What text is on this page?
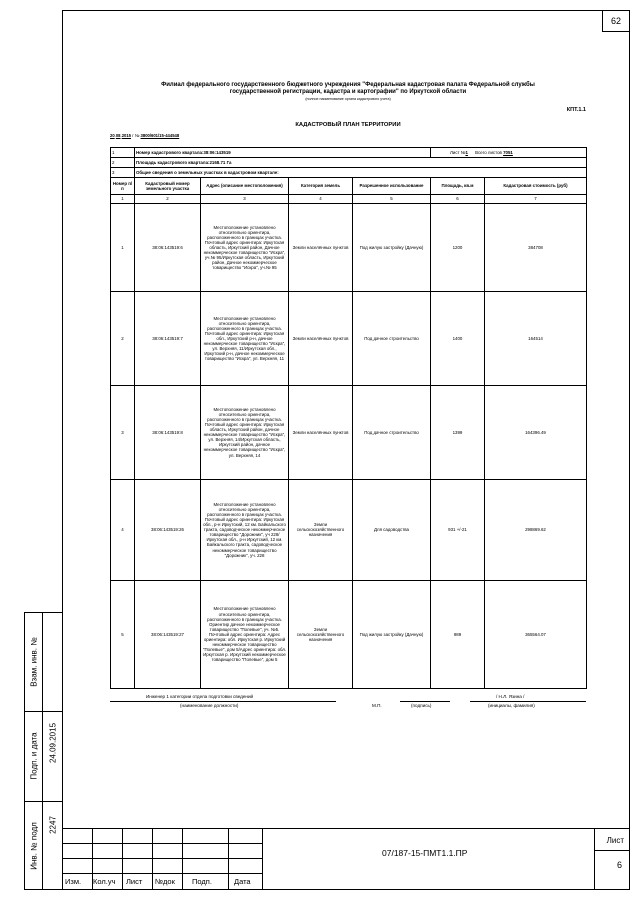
62
Взам. инв. №
Подп. и дата
Инв. № подл
24.09.2015
2247
Изм. Кол.уч Лист №док Подп.	Дата
07/187-15-ПМТ1.1.ПР
Лист
6
Филиал федерального государственного бюджетного учреждения "Федеральная кадастровая палата Федеральной службы
государственной регистрации, кадастра и картографии" по Иркутской области
(полное наименование органа кадастрового учета)
КПТ.1.1
КАДАСТРОВЫЙ ПЛАН ТЕРРИТОРИИ
20.08.2015 г № 3800/601/15-444548
1	Номер кадастрового квартала:38:06:143519				Лист №1 Всего листов 7051	
2	Площадь кадастрового квартала:2168.71 Га					
3	Общие сведения о земельных участках в кадастровом квартале:					
Номер п/п	Кадастровый номер земельного участка	Адрес (описание местоположения)	Категория земель	Разрешенное использование	Площадь, кв.м	Кадастровая стоимость (руб)
1	2	3	4	5	6	7
1	38:06:143519:6	Местоположение установлено относительно ориентира, расположенного в границах участка. Почтовый адрес ориентира: Иркутская область, Иркутский район, Дачное некоммерческое товарищество "Искра", уч.№ 95/Иркутская область, Иркутский район, Дачное некоммерческое товарищество "Искра", уч.№ 95	Земли населённых пунктов	Под жилую застройку (Дачную)	1200	384708
2	38:06:143519:7	Местоположение установлено относительно ориентира, расположенного в границах участка. Почтовый адрес ориентира: Иркутская обл., Иркутский р-н, дачное некоммерческое товарищество "Искра", ул. Верхняя, 11/Иркутская обл., Иркутский р-н, дачное некоммерческое товарищество "Искра", ул. Верхняя, 11	Земли населённых пунктов	Под дачное строительство	1400	164514
3	38:06:143519:8	Местоположение установлено относительно ориентира, расположенного в границах участка. Почтовый адрес ориентира: Иркутская область, Иркутский район, дачное некоммерческое товарищество "Искра", ул. Верхняя, 14/Иркутская область, Иркутский район, дачное некоммерческое товарищество "Искра", ул. Верхняя, 14	Земли населённых пунктов	Под дачное строительство	1399	164396.49
4	38:06:143519:26	Местоположение установлено относительно ориентира, расположенного в границах участка. Почтовый адрес ориентира: Иркутская обл., р-н Иркутский, 12 км. Байкальского тракта, садоводческое некоммерческое товарищество "Дорожник", уч 228/Иркутская обл., р-н Иркутский, 12 км. Байкальского тракта, садоводческое некоммерческое товарищество "Дорожник", уч. 228	Земли сельскохозяйственного назначения	Для садоводства	931 +/-21	298869.62
5	38:06:143519:27	Местоположение установлено относительно ориентира, расположенного в границах участка. Ориентир дачное некоммерческое товарищество "Полевые", уч. №5. Почтовый адрес ориентира: Адрес ориентира: обл. Иркутская р. Иркутский некоммерческое товарищество "Полевые", дом 5/Адрес ориентира: обл. Иркутская р. Иркутский некоммерческое товарищество "Полевые", дом 5	Земли сельскохозяйственного назначения	Под жилую застройку (Дачную)	989	365564.07
Инженер 1 категории отдела подготовки сведений
(наименование должности)	М.П.	(подпись)
/ Н.Л. Язина /
(инициалы, фамилия)
